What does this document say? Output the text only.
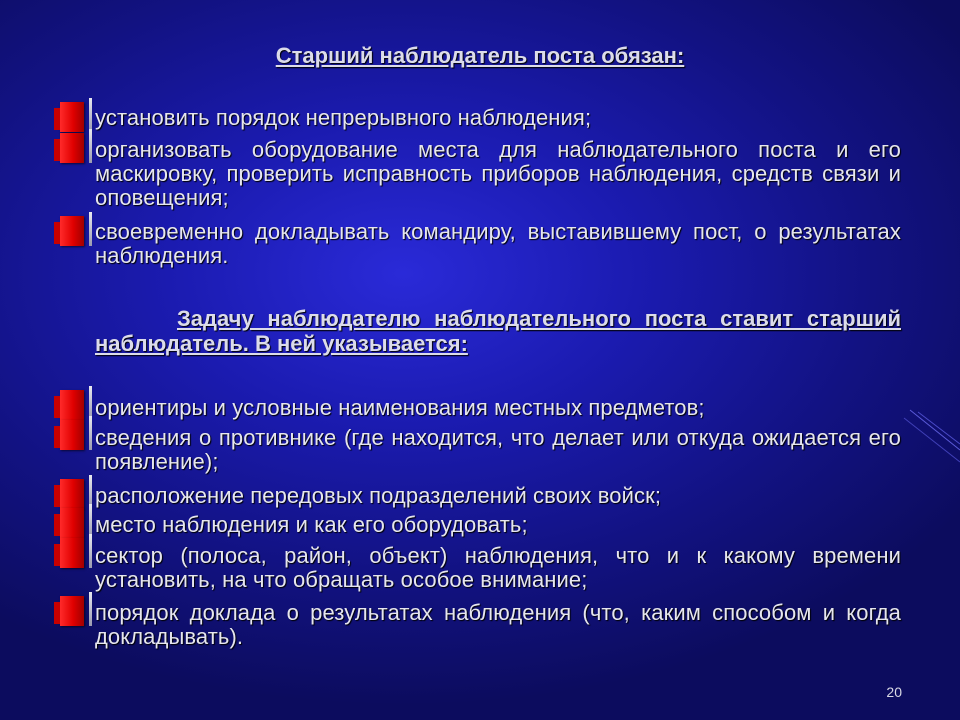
Старший наблюдатель поста обязан:
установить порядок непрерывного наблюдения;
организовать оборудование места для наблюдательного поста и его маскировку, проверить исправность приборов наблюдения, средств связи и оповещения;
своевременно докладывать командиру, выставившему пост, о результатах наблюдения.
Задачу наблюдателю наблюдательного поста ставит старший наблюдатель. В ней указывается:
ориентиры и условные наименования местных предметов;
сведения о противнике (где находится, что делает или откуда ожидается его появление);
расположение передовых подразделений своих войск;
место наблюдения и как его оборудовать;
сектор (полоса, район, объект) наблюдения, что и к какому времени установить, на что обращать особое внимание;
порядок доклада о результатах наблюдения (что, каким способом и когда докладывать).
20
